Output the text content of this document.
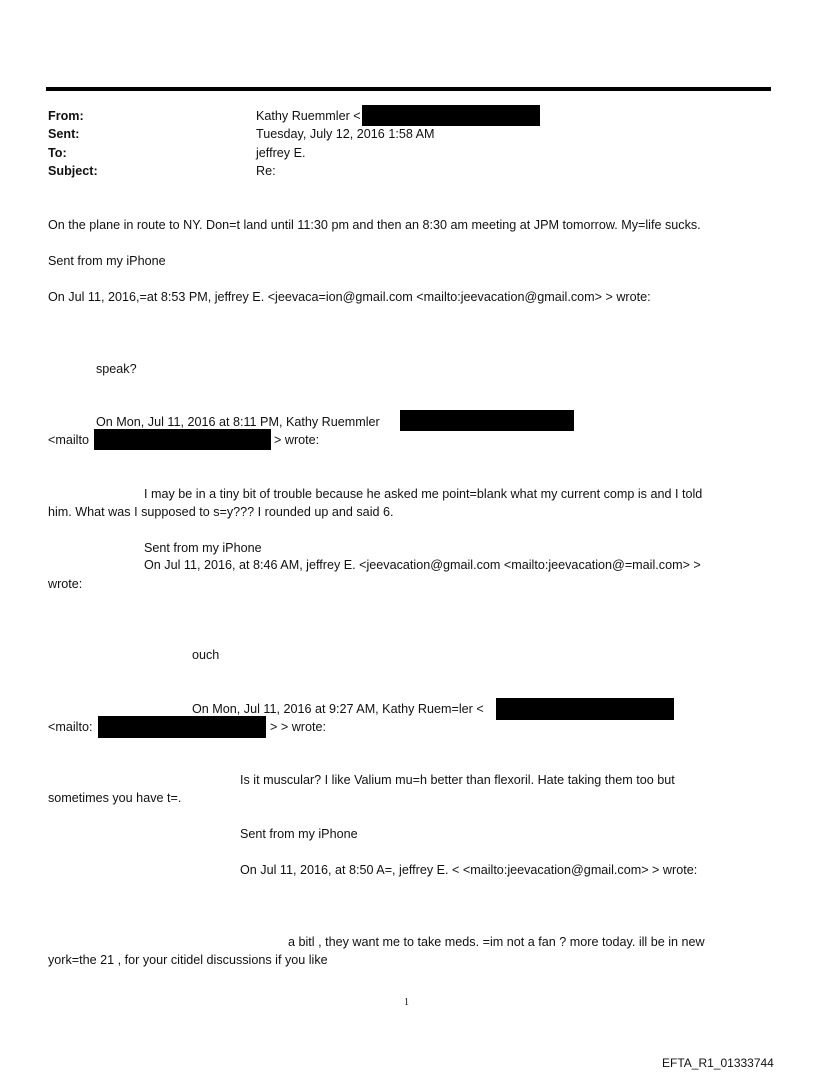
From:	Kathy Ruemmler <
Sent:	Tuesday, July 12, 2016 1:58 AM
To:	jeffrey E.
Subject:	Re:
On the plane in route to NY. Don=t land until 11:30 pm and then an 8:30 am meeting at JPM tomorrow. My=life sucks.
Sent from my iPhone
On Jul 11, 2016,=at 8:53 PM, jeffrey E. <jeevaca=ion@gmail.com <mailto:jeevacation@gmail.com> > wrote:
speak?
On Mon, Jul 11, 2016 at 8:11 PM, Kathy Ruemmler
<mailto	> wrote:
I may be in a tiny bit of trouble because he asked me point=blank what my current comp is and I told
him. What was I supposed to s=y??? I rounded up and said 6.
Sent from my iPhone
On Jul 11, 2016, at 8:46 AM, jeffrey E. <jeevacation@gmail.com <mailto:jeevacation@=mail.com> >
wrote:
ouch
On Mon, Jul 11, 2016 at 9:27 AM, Kathy Ruem=ler <
<mailto:	> > wrote:
Is it muscular? I like Valium mu=h better than flexoril. Hate taking them too but
sometimes you have t=.
Sent from my iPhone
On Jul 11, 2016, at 8:50 A=, jeffrey E. < <mailto:jeevacation@gmail.com> > wrote:
a bitl , they want me to take meds. =im not a fan ? more today. ill be in new
york=the 21 , for your citidel discussions if you like
1
EFTA_R1_01333744
